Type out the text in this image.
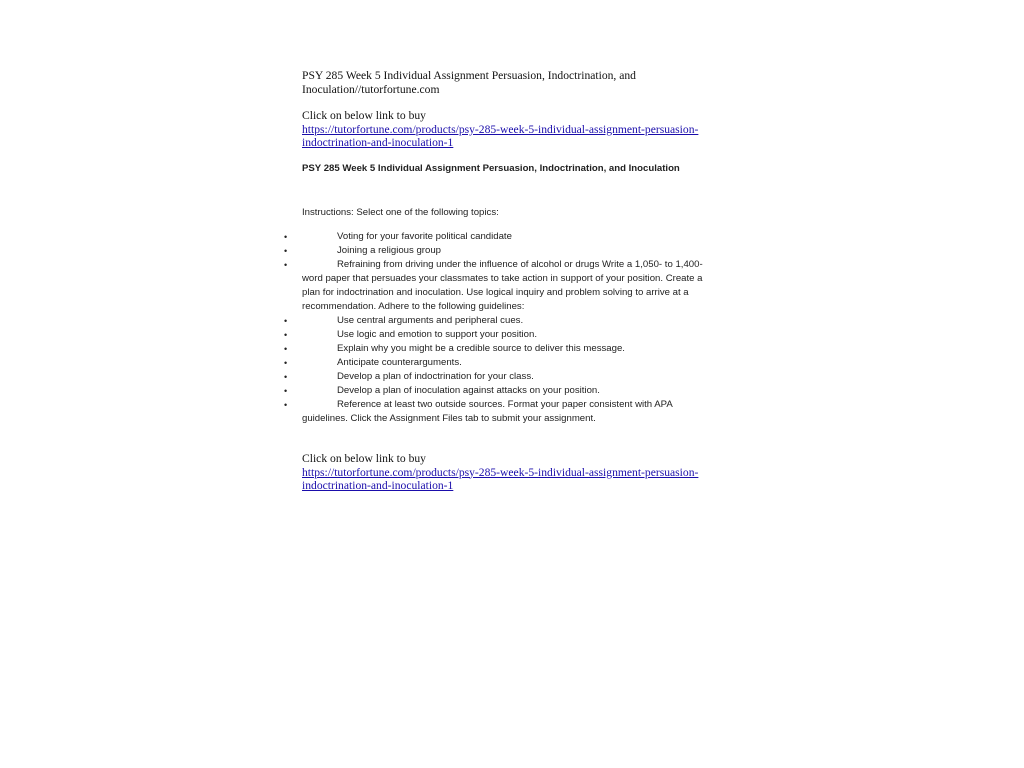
PSY 285 Week 5 Individual Assignment Persuasion, Indoctrination, and
Inoculation//tutorfortune.com
Click on below link to buy
https://tutorfortune.com/products/psy-285-week-5-individual-assignment-persuasion-
indoctrination-and-inoculation-1
PSY 285 Week 5 Individual Assignment Persuasion, Indoctrination, and Inoculation
Instructions: Select one of the following topics:
•	Voting for your favorite political candidate
•	Joining a religious group
•	Refraining from driving under the influence of alcohol or drugs Write a 1,050- to 1,400-
word paper that persuades your classmates to take action in support of your position. Create a
plan for indoctrination and inoculation. Use logical inquiry and problem solving to arrive at a
recommendation. Adhere to the following guidelines:
•	Use central arguments and peripheral cues.
•	Use logic and emotion to support your position.
•	Explain why you might be a credible source to deliver this message.
•	Anticipate counterarguments.
•	Develop a plan of indoctrination for your class.
•	Develop a plan of inoculation against attacks on your position.
•	Reference at least two outside sources. Format your paper consistent with APA
guidelines. Click the Assignment Files tab to submit your assignment.
Click on below link to buy
https://tutorfortune.com/products/psy-285-week-5-individual-assignment-persuasion-
indoctrination-and-inoculation-1
